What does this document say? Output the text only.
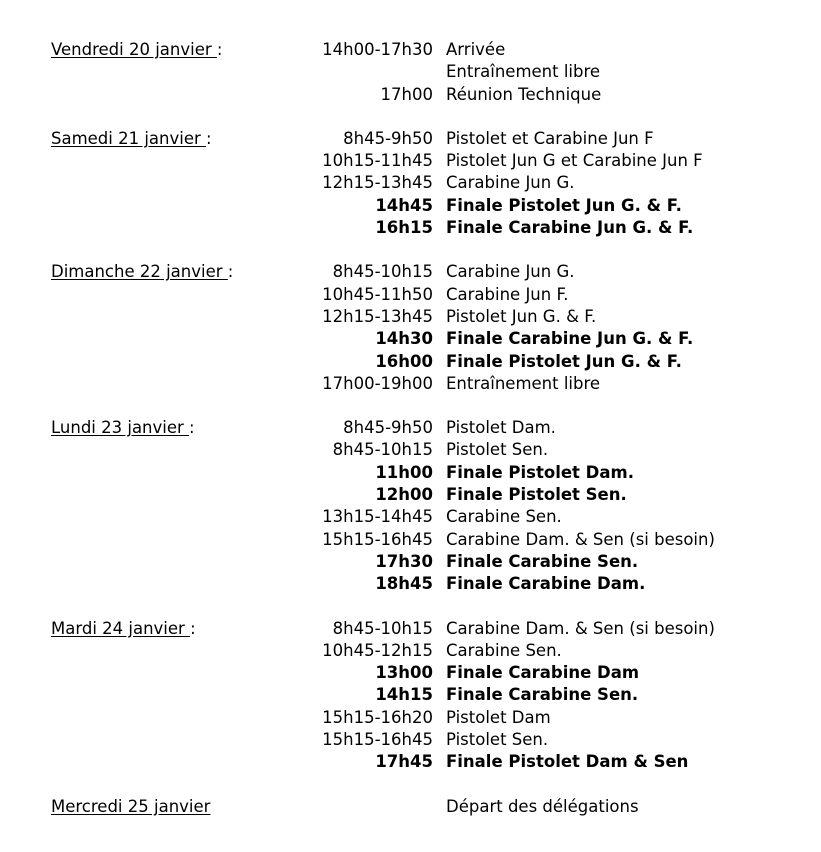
Vendredi 20 janvier :	14h00-17h30 Arrivée
Entraînement libre
17h00 Réunion Technique
Samedi 21 janvier :	8h45-9h50 Pistolet et Carabine Jun F
10h15-11h45 Pistolet Jun G et Carabine Jun F
12h15-13h45 Carabine Jun G.
14h45 Finale Pistolet Jun G. & F.
16h15 Finale Carabine Jun G. & F.
Dimanche 22 janvier :	8h45-10h15 Carabine Jun G.
10h45-11h50 Carabine Jun F.
12h15-13h45 Pistolet Jun G. & F.
14h30 Finale Carabine Jun G. & F.
16h00 Finale Pistolet Jun G. & F.
17h00-19h00 Entraînement libre
Lundi 23 janvier :	8h45-9h50 Pistolet Dam.
8h45-10h15 Pistolet Sen.
11h00 Finale Pistolet Dam.
12h00 Finale Pistolet Sen.
13h15-14h45 Carabine Sen.
15h15-16h45 Carabine Dam. & Sen (si besoin)
17h30 Finale Carabine Sen.
18h45 Finale Carabine Dam.
Mardi 24 janvier :	8h45-10h15 Carabine Dam. & Sen (si besoin)
10h45-12h15 Carabine Sen.
13h00 Finale Carabine Dam
14h15 Finale Carabine Sen.
15h15-16h20 Pistolet Dam
15h15-16h45 Pistolet Sen.
17h45 Finale Pistolet Dam & Sen
Mercredi 25 janvier	Départ des délégations
